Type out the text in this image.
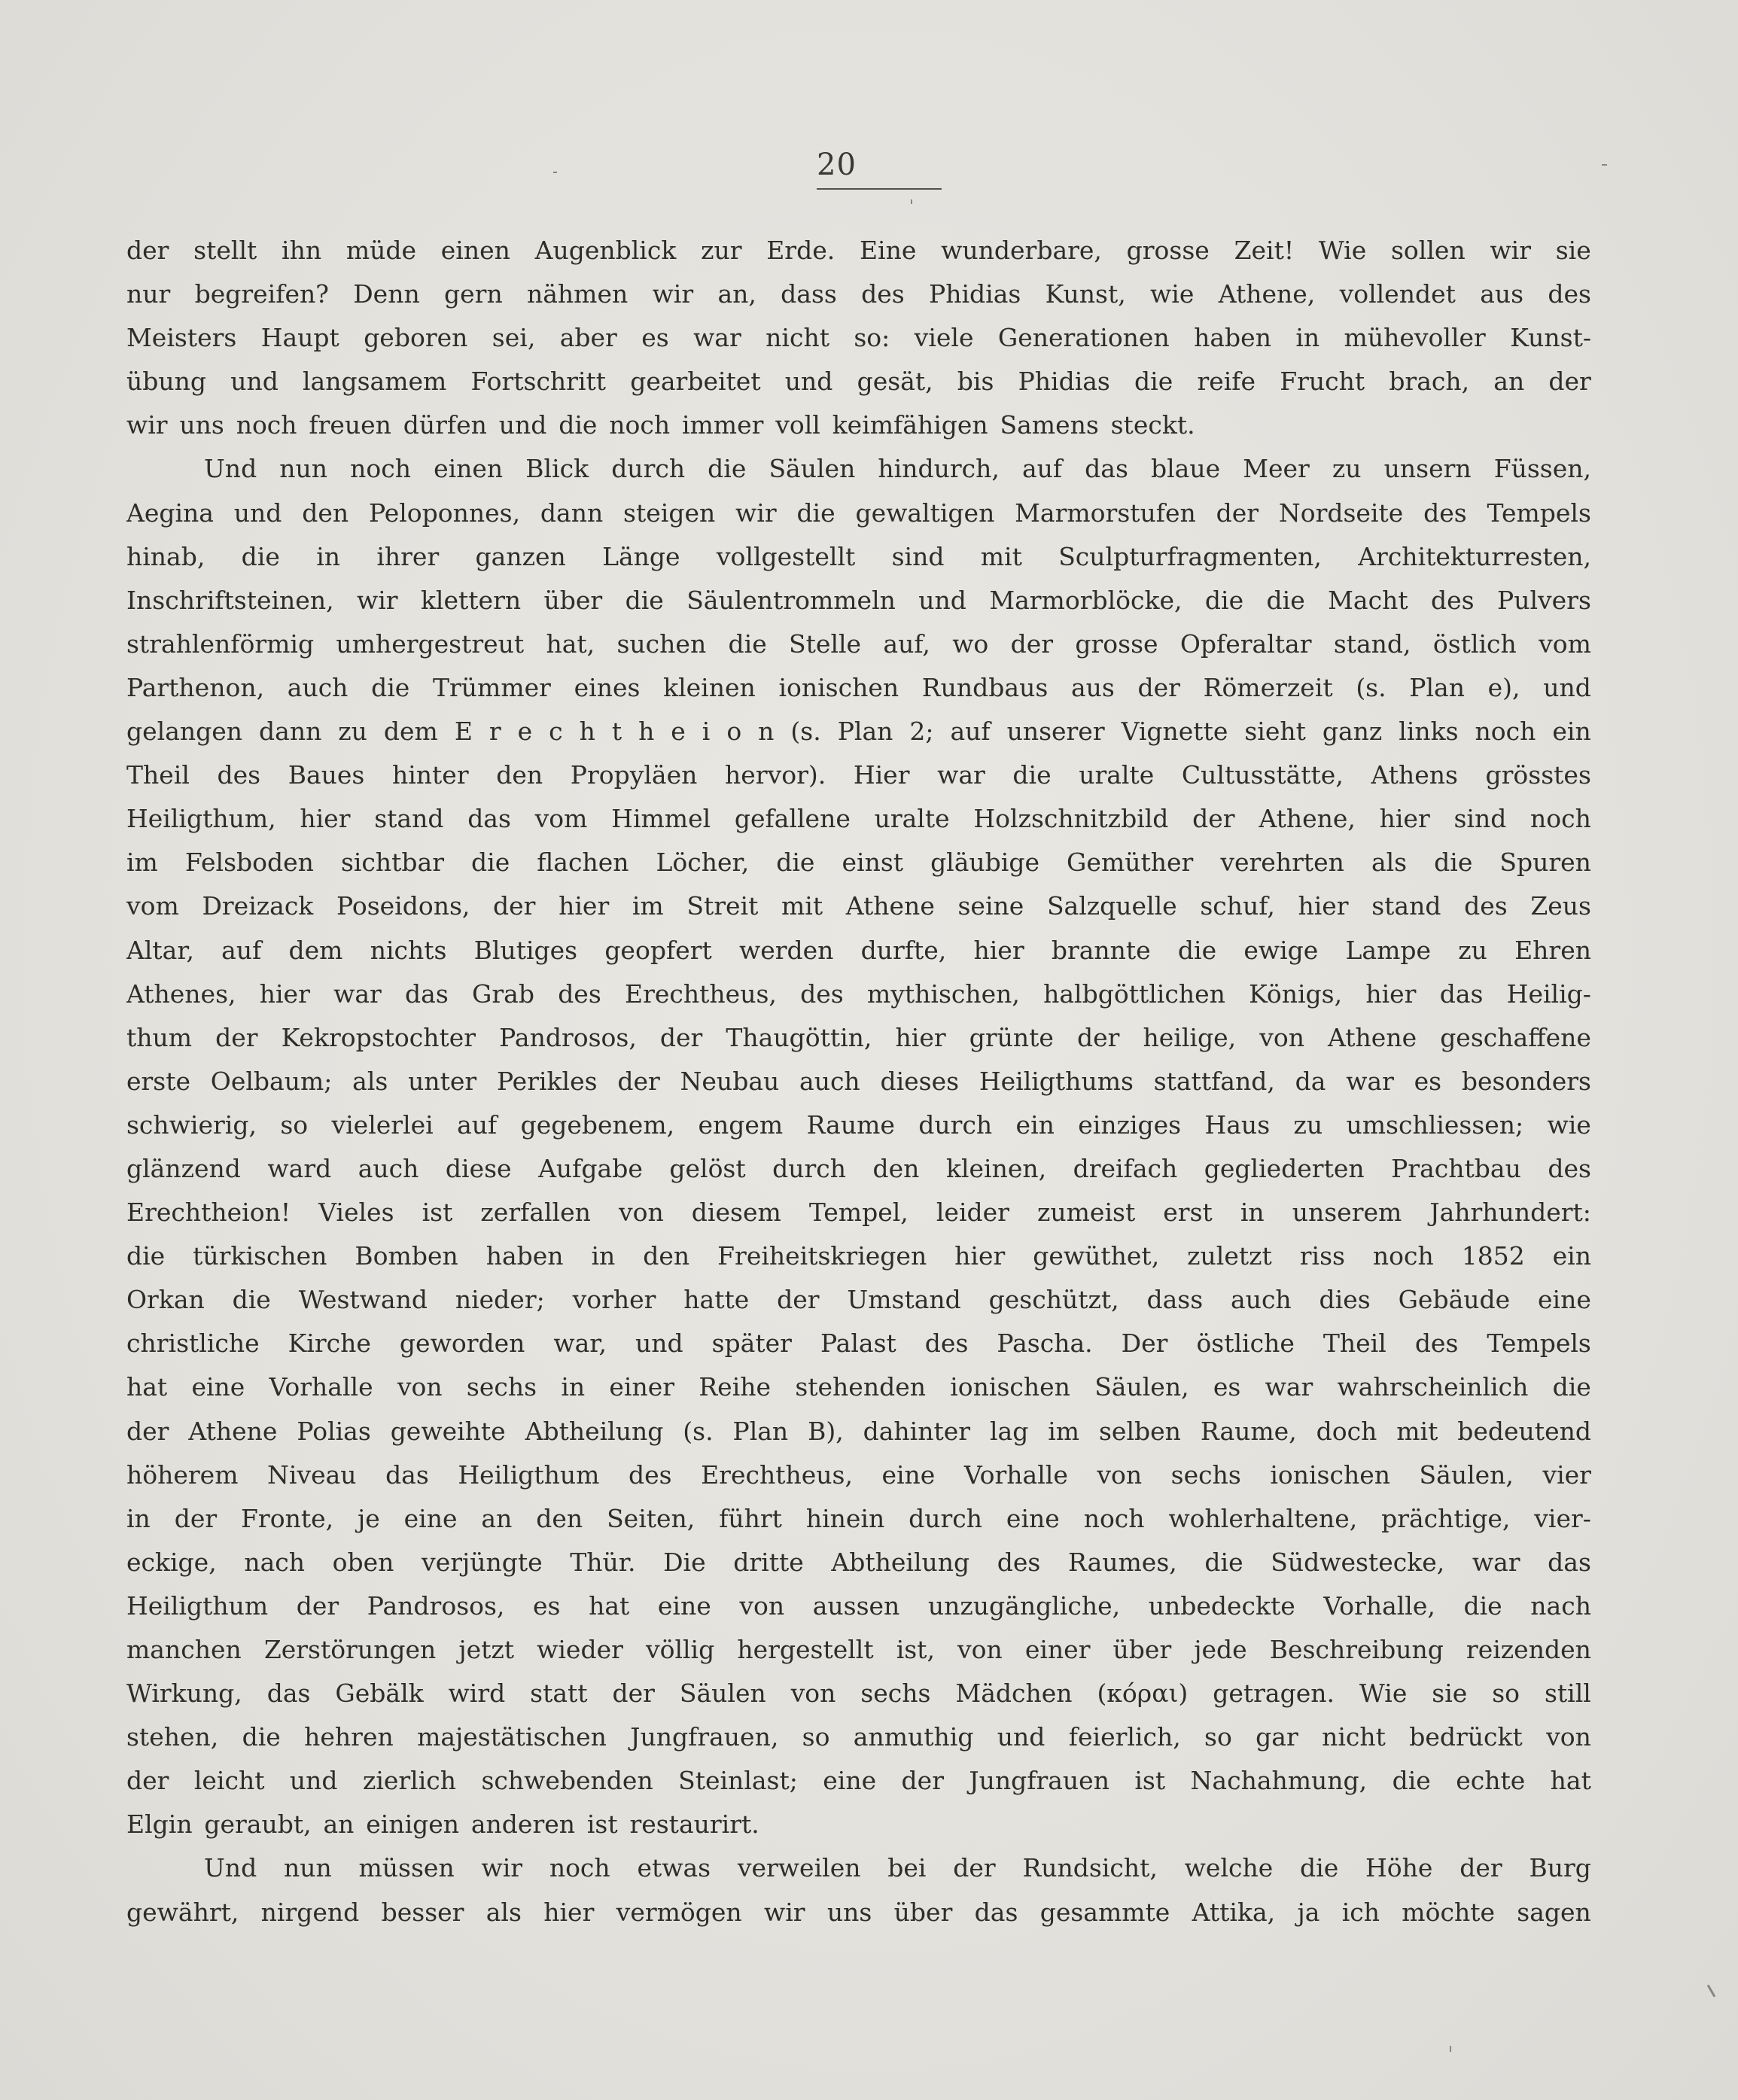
20
der stellt ihn müde einen Augenblick zur Erde. Eine wunderbare, grosse Zeit! Wie sollen wir sie
nur begreifen? Denn gern nähmen wir an, dass des Phidias Kunst, wie Athene, vollendet aus des
Meisters Haupt geboren sei, aber es war nicht so: viele Generationen haben in mühevoller Kunst-
übung und langsamem Fortschritt gearbeitet und gesät, bis Phidias die reife Frucht brach, an der
wir uns noch freuen dürfen und die noch immer voll keimfähigen Samens steckt.
Und nun noch einen Blick durch die Säulen hindurch, auf das blaue Meer zu unsern Füssen,
Aegina und den Peloponnes, dann steigen wir die gewaltigen Marmorstufen der Nordseite des Tempels
hinab, die in ihrer ganzen Länge vollgestellt sind mit Sculpturfragmenten, Architekturresten,
Inschriftsteinen, wir klettern über die Säulentrommeln und Marmorblöcke, die die Macht des Pulvers
strahlenförmig umhergestreut hat, suchen die Stelle auf, wo der grosse Opferaltar stand, östlich vom
Parthenon, auch die Trümmer eines kleinen ionischen Rundbaus aus der Römerzeit (s. Plan e), und
gelangen dann zu dem E r e c h t h e i o n (s. Plan 2; auf unserer Vignette sieht ganz links noch ein
Theil des Baues hinter den Propyläen hervor). Hier war die uralte Cultusstätte, Athens grösstes
Heiligthum, hier stand das vom Himmel gefallene uralte Holzschnitzbild der Athene, hier sind noch
im Felsboden sichtbar die flachen Löcher, die einst gläubige Gemüther verehrten als die Spuren
vom Dreizack Poseidons, der hier im Streit mit Athene seine Salzquelle schuf, hier stand des Zeus
Altar, auf dem nichts Blutiges geopfert werden durfte, hier brannte die ewige Lampe zu Ehren
Athenes, hier war das Grab des Erechtheus, des mythischen, halbgöttlichen Königs, hier das Heilig-
thum der Kekropstochter Pandrosos, der Thaugöttin, hier grünte der heilige, von Athene geschaffene
erste Oelbaum; als unter Perikles der Neubau auch dieses Heiligthums stattfand, da war es besonders
schwierig, so vielerlei auf gegebenem, engem Raume durch ein einziges Haus zu umschliessen; wie
glänzend ward auch diese Aufgabe gelöst durch den kleinen, dreifach gegliederten Prachtbau des
Erechtheion! Vieles ist zerfallen von diesem Tempel, leider zumeist erst in unserem Jahrhundert:
die türkischen Bomben haben in den Freiheitskriegen hier gewüthet, zuletzt riss noch 1852 ein
Orkan die Westwand nieder; vorher hatte der Umstand geschützt, dass auch dies Gebäude eine
christliche Kirche geworden war, und später Palast des Pascha. Der östliche Theil des Tempels
hat eine Vorhalle von sechs in einer Reihe stehenden ionischen Säulen, es war wahrscheinlich die
der Athene Polias geweihte Abtheilung (s. Plan B), dahinter lag im selben Raume, doch mit bedeutend
höherem Niveau das Heiligthum des Erechtheus, eine Vorhalle von sechs ionischen Säulen, vier
in der Fronte, je eine an den Seiten, führt hinein durch eine noch wohlerhaltene, prächtige, vier-
eckige, nach oben verjüngte Thür. Die dritte Abtheilung des Raumes, die Südwestecke, war das
Heiligthum der Pandrosos, es hat eine von aussen unzugängliche, unbedeckte Vorhalle, die nach
manchen Zerstörungen jetzt wieder völlig hergestellt ist, von einer über jede Beschreibung reizenden
Wirkung, das Gebälk wird statt der Säulen von sechs Mädchen (κόραι) getragen. Wie sie so still
stehen, die hehren majestätischen Jungfrauen, so anmuthig und feierlich, so gar nicht bedrückt von
der leicht und zierlich schwebenden Steinlast; eine der Jungfrauen ist Nachahmung, die echte hat
Elgin geraubt, an einigen anderen ist restaurirt.
Und nun müssen wir noch etwas verweilen bei der Rundsicht, welche die Höhe der Burg
gewährt, nirgend besser als hier vermögen wir uns über das gesammte Attika, ja ich möchte sagen
